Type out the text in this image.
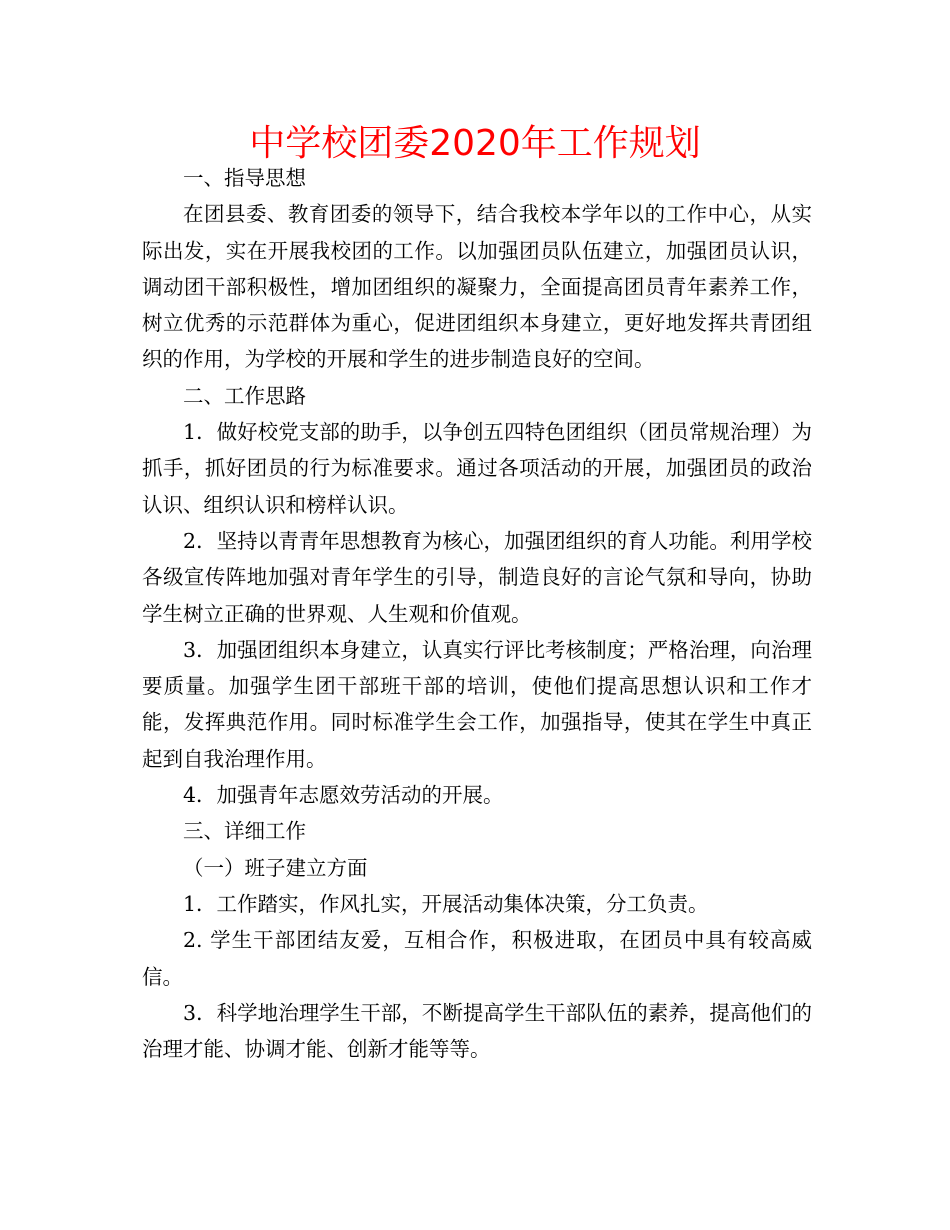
中学校团委2020年工作规划

一、指导思想

在团县委、教育团委的领导下，结合我校本学年以的工作中心，从实际出发，实在开展我校团的工作。以加强团员队伍建立，加强团员认识，调动团干部积极性，增加团组织的凝聚力，全面提高团员青年素养工作，树立优秀的示范群体为重心，促进团组织本身建立，更好地发挥共青团组织的作用，为学校的开展和学生的进步制造良好的空间。

二、工作思路

1．做好校党支部的助手，以争创五四特色团组织（团员常规治理）为抓手，抓好团员的行为标准要求。通过各项活动的开展，加强团员的政治认识、组织认识和榜样认识。

2．坚持以青青年思想教育为核心，加强团组织的育人功能。利用学校各级宣传阵地加强对青年学生的引导，制造良好的言论气氛和导向，协助学生树立正确的世界观、人生观和价值观。

3．加强团组织本身建立，认真实行评比考核制度；严格治理，向治理要质量。加强学生团干部班干部的培训，使他们提高思想认识和工作才能，发挥典范作用。同时标准学生会工作，加强指导，使其在学生中真正起到自我治理作用。

4．加强青年志愿效劳活动的开展。

三、详细工作

（一）班子建立方面

1．工作踏实，作风扎实，开展活动集体决策，分工负责。

2. 学生干部团结友爱，互相合作，积极进取，在团员中具有较高威信。

3．科学地治理学生干部，不断提高学生干部队伍的素养，提高他们的治理才能、协调才能、创新才能等等。
